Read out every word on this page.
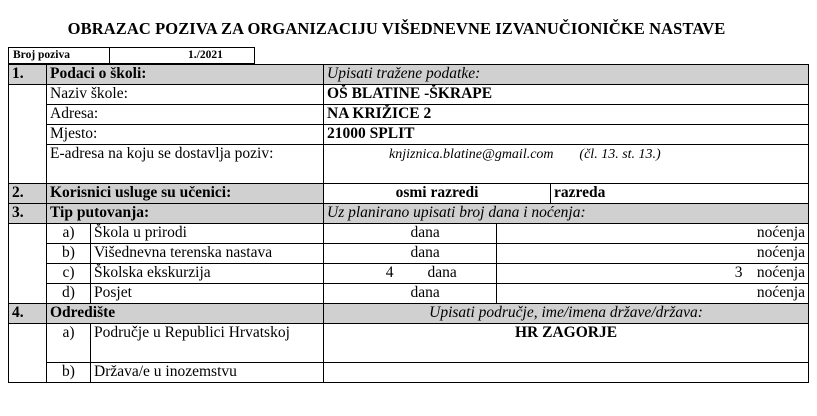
OBRAZAC POZIVA ZA ORGANIZACIJU VIŠEDNEVNE IZVANUČIONIČKE NASTAVE
Broj poziva	1./2021
1.	Podaci o školi:		Upisati tražene podatke:				
	Naziv škole:		OŠ BLATINE -ŠKRAPE				
	Adresa:		NA KRIŽICE 2				
	Mjesto:		21000 SPLIT				
	E-adresa na koju se dostavlja poziv:		knjiznica.blatine@gmail.com (čl. 13. st. 13.)				
2.	Korisnici usluge su učenici:		osmi razredi			razreda	
3.	Tip putovanja:		Uz planirano upisati broj dana i noćenja:				
	a)	Škola u prirodi		dana			noćenja
	b)	Višednevna terenska nastava		dana			noćenja
	c)	Školska ekskurzija	4	dana	3		noćenja
	d)	Posjet		dana			noćenja
4.	Odredište		Upisati područje, ime/imena države/država:				
	a)	Područje u Republici Hrvatskoj	HR ZAGORJE				
	b)	Država/e u inozemstvu					
